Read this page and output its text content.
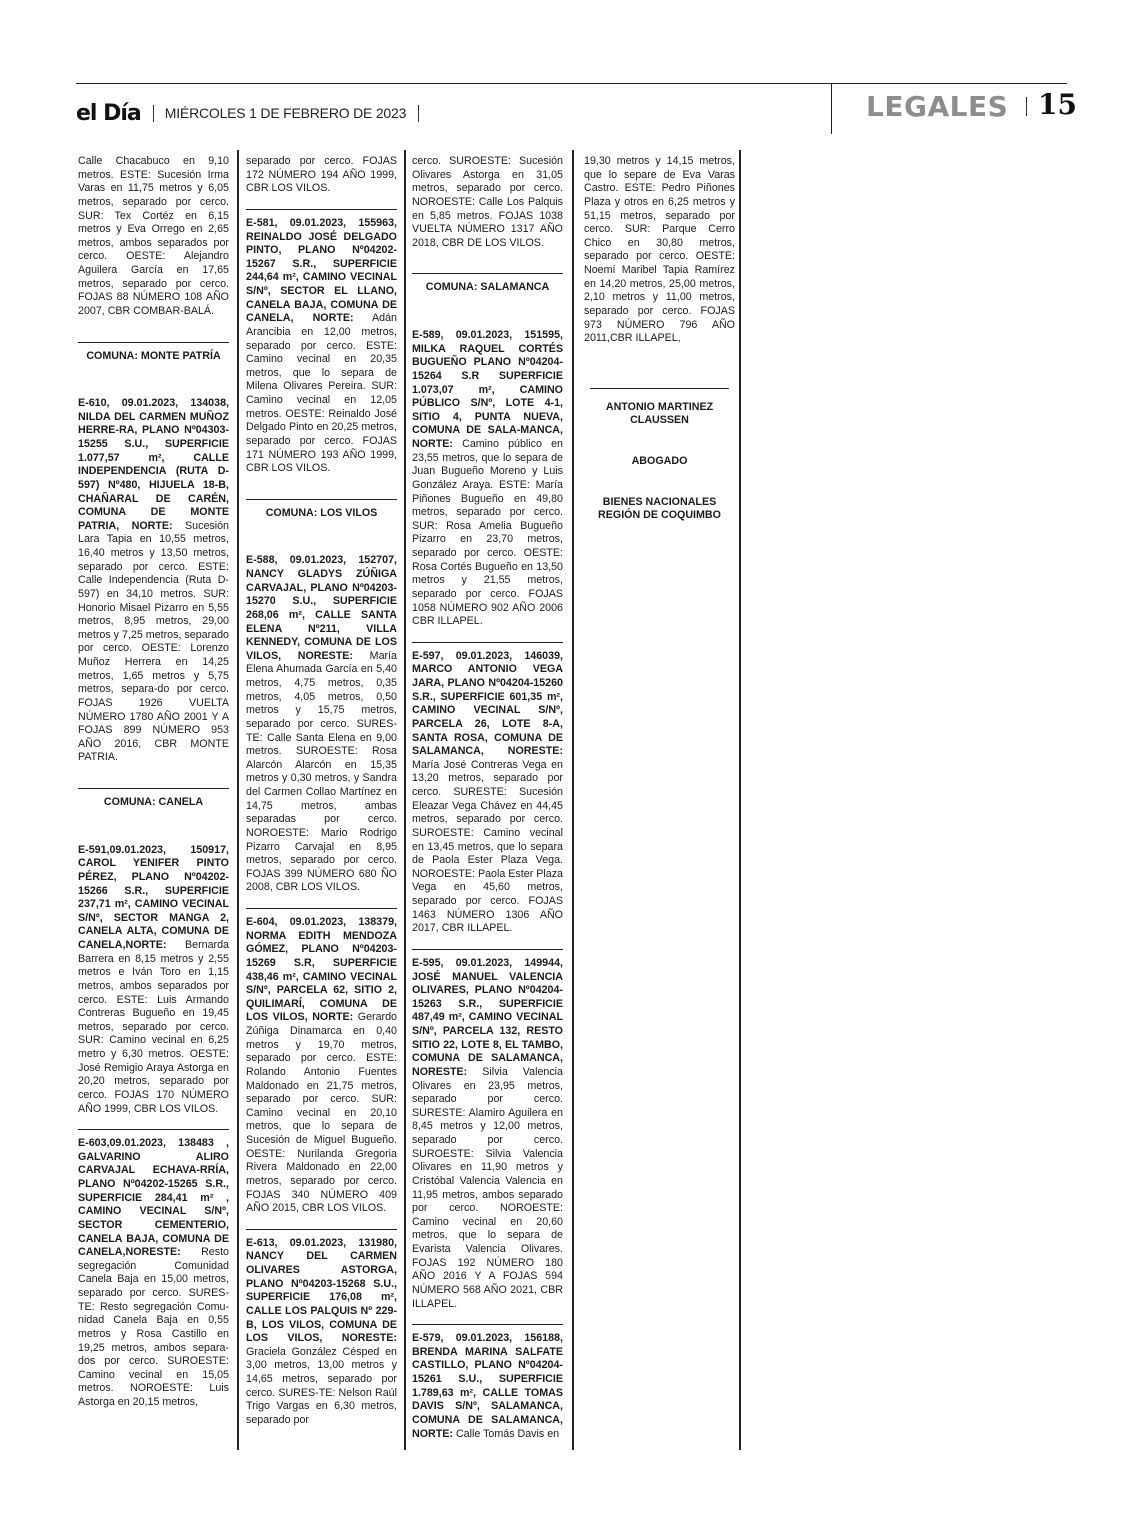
el Día MIÉRCOLES 1 DE FEBRERO DE 2023	LEGALES 15

Calle Chacabuco en 9,10 metros. ESTE: Sucesión Irma Varas en 11,75 metros y 6,05 metros, separado por cerco. SUR: Tex Cortéz en 6,15 metros y Eva Orrego en 2,65 metros, ambos separados por cerco. OESTE: Alejandro Aguilera García en 17,65 metros, separado por cerco. FOJAS 88 NÚMERO 108 AÑO 2007, CBR COMBAR-BALÁ.

COMUNA: MONTE PATRÍA

E-610, 09.01.2023, 134038, NILDA DEL CARMEN MUÑOZ HERRE-RA, PLANO Nº04303-15255 S.U., SUPERFICIE 1.077,57 m², CALLE INDEPENDENCIA (RUTA D-597) Nº480, HIJUELA 18-B, CHAÑARAL DE CARÉN, COMUNA DE MONTE PATRIA, NORTE: Sucesión Lara Tapia en 10,55 metros, 16,40 metros y 13,50 metros, separado por cerco. ESTE: Calle Independencia (Ruta D-597) en 34,10 metros. SUR: Honorio Misael Pizarro en 5,55 metros, 8,95 metros, 29,00 metros y 7,25 metros, separado por cerco. OESTE: Lorenzo Muñoz Herrera en 14,25 metros, 1,65 metros y 5,75 metros, separa-do por cerco. FOJAS 1926 VUELTA NÚMERO 1780 AÑO 2001 Y A FOJAS 899 NÚMERO 953 AÑO 2016, CBR MONTE PATRIA.

COMUNA: CANELA

E-591,09.01.2023, 150917, CAROL YENIFER PINTO PÉREZ, PLANO Nº04202-15266 S.R., SUPERFICIE 237,71 m², CAMINO VECINAL S/Nº, SECTOR MANGA 2, CANELA ALTA, COMUNA DE CANELA,NORTE: Bernarda Barrera en 8,15 metros y 2,55 metros e Iván Toro en 1,15 metros, ambos separados por cerco. ESTE: Luis Armando Contreras Bugueño en 19,45 metros, separado por cerco. SUR: Camino vecinal en 6,25 metro y 6,30 metros. OESTE: José Remigio Araya Astorga en 20,20 metros, separado por cerco. FOJAS 170 NÚMERO AÑO 1999, CBR LOS VILOS.

E-603,09.01.2023, 138483 , GALVARINO ALIRO CARVAJAL ECHAVA-RRÍA, PLANO Nº04202-15265 S.R., SUPERFICIE 284,41 m² , CAMINO VECINAL S/Nº, SECTOR CEMENTERIO, CANELA BAJA, COMUNA DE CANELA,NORESTE: Resto segregación Comunidad Canela Baja en 15,00 metros, separado por cerco. SURES-TE: Resto segregación Comu-nidad Canela Baja en 0,55 metros y Rosa Castillo en 19,25 metros, ambos separa-dos por cerco. SUROESTE: Camino vecinal en 15,05 metros. NOROESTE: Luis Astorga en 20,15 metros,

separado por cerco. FOJAS 172 NÚMERO 194 AÑO 1999, CBR LOS VILOS.

E-581, 09.01.2023, 155963, REINALDO JOSÉ DELGADO PINTO, PLANO Nº04202-15267 S.R., SUPERFICIE 244,64 m², CAMINO VECINAL S/Nº, SECTOR EL LLANO, CANELA BAJA, COMUNA DE CANELA, NORTE: Adán Arancibia en 12,00 metros, separado por cerco. ESTE: Camino vecinal en 20,35 metros, que lo separa de Milena Olivares Pereira. SUR: Camino vecinal en 12,05 metros. OESTE: Reinaldo José Delgado Pinto en 20,25 metros, separado por cerco. FOJAS 171 NÚMERO 193 AÑO 1999, CBR LOS VILOS.

COMUNA: LOS VILOS

E-588, 09.01.2023, 152707, NANCY GLADYS ZÚÑIGA CARVAJAL, PLANO Nº04203-15270 S.U., SUPERFICIE 268,06 m², CALLE SANTA ELENA Nº211, VILLA KENNEDY, COMUNA DE LOS VILOS, NORESTE: María Elena Ahumada García en 5,40 metros, 4,75 metros, 0,35 metros, 4,05 metros, 0,50 metros y 15,75 metros, separado por cerco. SURES-TE: Calle Santa Elena en 9,00 metros. SUROESTE: Rosa Alarcón Alarcón en 15,35 metros y 0,30 metros, y Sandra del Carmen Collao Martínez en 14,75 metros, ambas separadas por cerco. NOROESTE: Mario Rodrigo Pizarro Carvajal en 8,95 metros, separado por cerco. FOJAS 399 NÚMERO 680 ÑO 2008, CBR LOS VILOS.

E-604, 09.01.2023, 138379, NORMA EDITH MENDOZA GÓMEZ, PLANO Nº04203-15269 S.R, SUPERFICIE 438,46 m², CAMINO VECINAL S/Nº, PARCELA 62, SITIO 2, QUILIMARÍ, COMUNA DE LOS VILOS, NORTE: Gerardo Zúñiga Dinamarca en 0,40 metros y 19,70 metros, separado por cerco. ESTE: Rolando Antonio Fuentes Maldonado en 21,75 metros, separado por cerco. SUR: Camino vecinal en 20,10 metros, que lo separa de Sucesión de Miguel Bugueño. OESTE: Nurilanda Gregoria Rivera Maldonado en 22,00 metros, separado por cerco. FOJAS 340 NÚMERO 409 AÑO 2015, CBR LOS VILOS.

E-613, 09.01.2023, 131980, NANCY DEL CARMEN OLIVARES ASTORGA, PLANO Nº04203-15268 S.U., SUPERFICIE 176,08 m², CALLE LOS PALQUIS Nº 229-B, LOS VILOS, COMUNA DE LOS VILOS, NORESTE: Graciela González Césped en 3,00 metros, 13,00 metros y 14,65 metros, separado por cerco. SURES-TE: Nelson Raúl Trigo Vargas en 6,30 metros, separado por

cerco. SUROESTE: Sucesión Olivares Astorga en 31,05 metros, separado por cerco. NOROESTE: Calle Los Palquis en 5,85 metros. FOJAS 1038 VUELTA NÚMERO 1317 AÑO 2018, CBR DE LOS VILOS.

COMUNA: SALAMANCA

E-589, 09.01.2023, 151595, MILKA RAQUEL CORTÉS BUGUEÑO PLANO Nº04204-15264 S.R SUPERFICIE 1.073,07 m², CAMINO PÚBLICO S/Nº, LOTE 4-1, SITIO 4, PUNTA NUEVA, COMUNA DE SALA-MANCA, NORTE: Camino público en 23,55 metros, que lo separa de Juan Bugueño Moreno y Luis González Araya. ESTE: María Piñones Bugueño en 49,80 metros, separado por cerco. SUR: Rosa Amelia Bugueño Pizarro en 23,70 metros, separado por cerco. OESTE: Rosa Cortés Bugueño en 13,50 metros y 21,55 metros, separado por cerco. FOJAS 1058 NÚMERO 902 AÑO 2006 CBR ILLAPEL.

E-597, 09.01.2023, 146039, MARCO ANTONIO VEGA JARA, PLANO Nº04204-15260 S.R., SUPERFICIE 601,35 m², CAMINO VECINAL S/Nº, PARCELA 26, LOTE 8-A, SANTA ROSA, COMUNA DE SALAMANCA, NORESTE: María José Contreras Vega en 13,20 metros, separado por cerco. SURESTE: Sucesión Eleazar Vega Chávez en 44,45 metros, separado por cerco. SUROESTE: Camino vecinal en 13,45 metros, que lo separa de Paola Ester Plaza Vega. NOROESTE: Paola Ester Plaza Vega en 45,60 metros, separado por cerco. FOJAS 1463 NÚMERO 1306 AÑO 2017, CBR ILLAPEL.

E-595, 09.01.2023, 149944, JOSÉ MANUEL VALENCIA OLIVARES, PLANO Nº04204-15263 S.R., SUPERFICIE 487,49 m², CAMINO VECINAL S/Nº, PARCELA 132, RESTO SITIO 22, LOTE 8, EL TAMBO, COMUNA DE SALAMANCA, NORESTE: Silvia Valencia Olivares en 23,95 metros, separado por cerco. SURESTE: Alamiro Aguilera en 8,45 metros y 12,00 metros, separado por cerco. SUROESTE: Silvia Valencia Olivares en 11,90 metros y Cristóbal Valencia Valencia en 11,95 metros, ambos separado por cerco. NOROESTE: Camino vecinal en 20,60 metros, que lo separa de Evarista Valencia Olivares. FOJAS 192 NÚMERO 180 AÑO 2016 Y A FOJAS 594 NÚMERO 568 AÑO 2021, CBR ILLAPEL.

E-579, 09.01.2023, 156188, BRENDA MARINA SALFATE CASTILLO, PLANO Nº04204-15261 S.U., SUPERFICIE 1.789,63 m², CALLE TOMAS DAVIS S/Nº, SALAMANCA, COMUNA DE SALAMANCA, NORTE: Calle Tomás Davis en

19,30 metros y 14,15 metros, que lo separe de Eva Varas Castro. ESTE: Pedro Piñones Plaza y otros en 6,25 metros y 51,15 metros, separado por cerco. SUR: Parque Cerro Chico en 30,80 metros, separado por cerco. OESTE: Noemí Maribel Tapia Ramírez en 14,20 metros, 25,00 metros, 2,10 metros y 11,00 metros, separado por cerco. FOJAS 973 NÚMERO 796 AÑO 2011,CBR ILLAPEL,

ANTONIO MARTINEZ CLAUSSEN
ABOGADO
BIENES NACIONALES REGIÓN DE COQUIMBO
